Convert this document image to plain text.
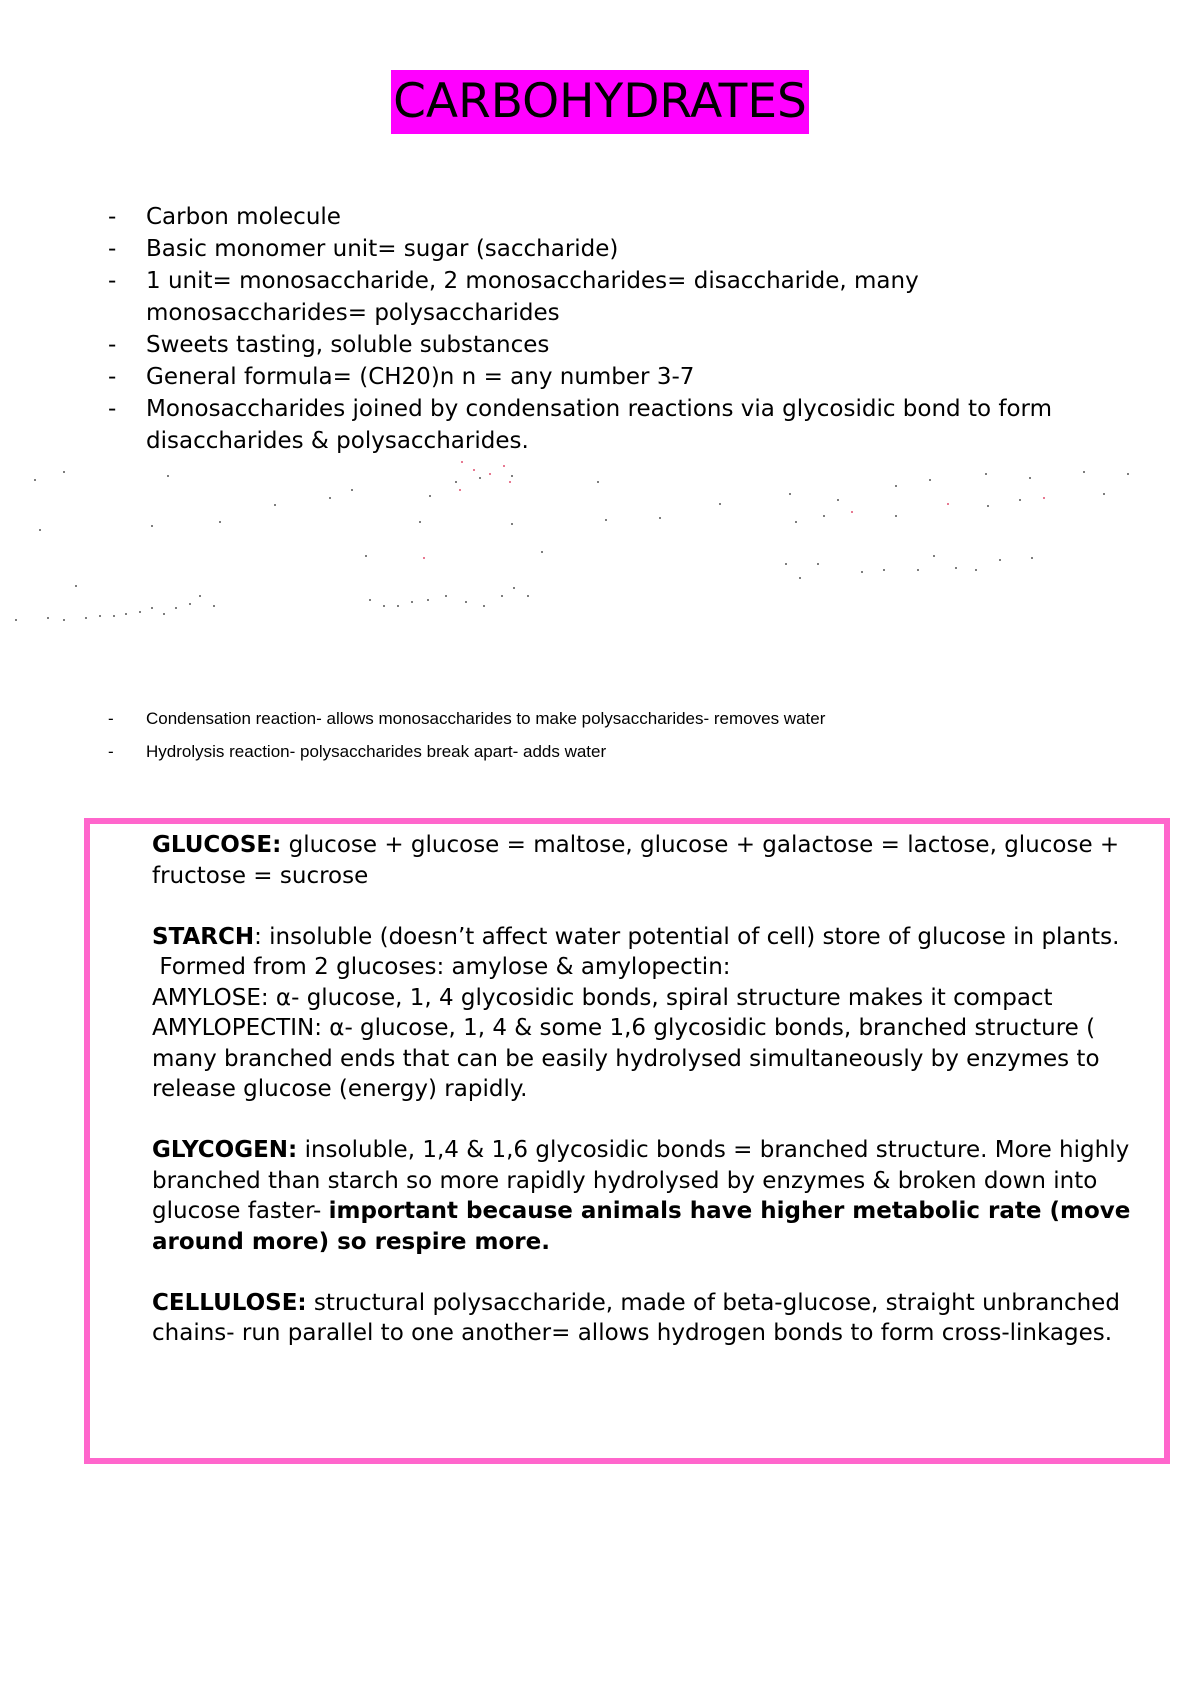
CARBOHYDRATES
- Carbon molecule
- Basic monomer unit= sugar (saccharide)
- 1 unit= monosaccharide, 2 monosaccharides= disaccharide, many monosaccharides= polysaccharides
- Sweets tasting, soluble substances
- General formula= (CH20)n n = any number 3-7
- Monosaccharides joined by condensation reactions via glycosidic bond to form disaccharides & polysaccharides.
- Condensation reaction- allows monosaccharides to make polysaccharides- removes water
- Hydrolysis reaction- polysaccharides break apart- adds water

GLUCOSE: glucose + glucose = maltose, glucose + galactose = lactose, glucose + fructose = sucrose

STARCH: insoluble (doesn’t affect water potential of cell) store of glucose in plants.

Formed from 2 glucoses: amylose & amylopectin:

AMYLOSE: α- glucose, 1, 4 glycosidic bonds, spiral structure makes it compact

AMYLOPECTIN: α- glucose, 1, 4 & some 1,6 glycosidic bonds, branched structure ( many branched ends that can be easily hydrolysed simultaneously by enzymes to release glucose (energy) rapidly.

GLYCOGEN: insoluble, 1,4 & 1,6 glycosidic bonds = branched structure. More highly branched than starch so more rapidly hydrolysed by enzymes & broken down into glucose faster- important because animals have higher metabolic rate (move around more) so respire more.

CELLULOSE: structural polysaccharide, made of beta-glucose, straight unbranched chains- run parallel to one another= allows hydrogen bonds to form cross-linkages.
